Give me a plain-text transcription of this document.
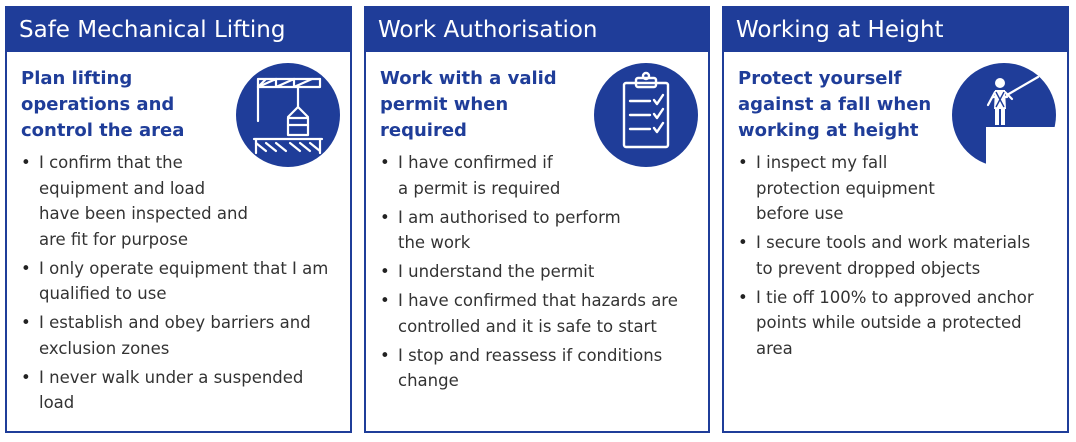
Safe Mechanical Lifting
Plan lifting
operations and
control the area
• I confirm that the
equipment and load
have been inspected and
are fit for purpose
• I only operate equipment that I am
qualified to use
• I establish and obey barriers and
exclusion zones
• I never walk under a suspended
load
Work Authorisation
Work with a valid
permit when
required
• I have confirmed if
a permit is required
• I am authorised to perform
the work
• I understand the permit
• I have confirmed that hazards are
controlled and it is safe to start
• I stop and reassess if conditions
change
Working at Height
Protect yourself
against a fall when
working at height
• I inspect my fall
protection equipment
before use
• I secure tools and work materials
to prevent dropped objects
• I tie off 100% to approved anchor
points while outside a protected
area
